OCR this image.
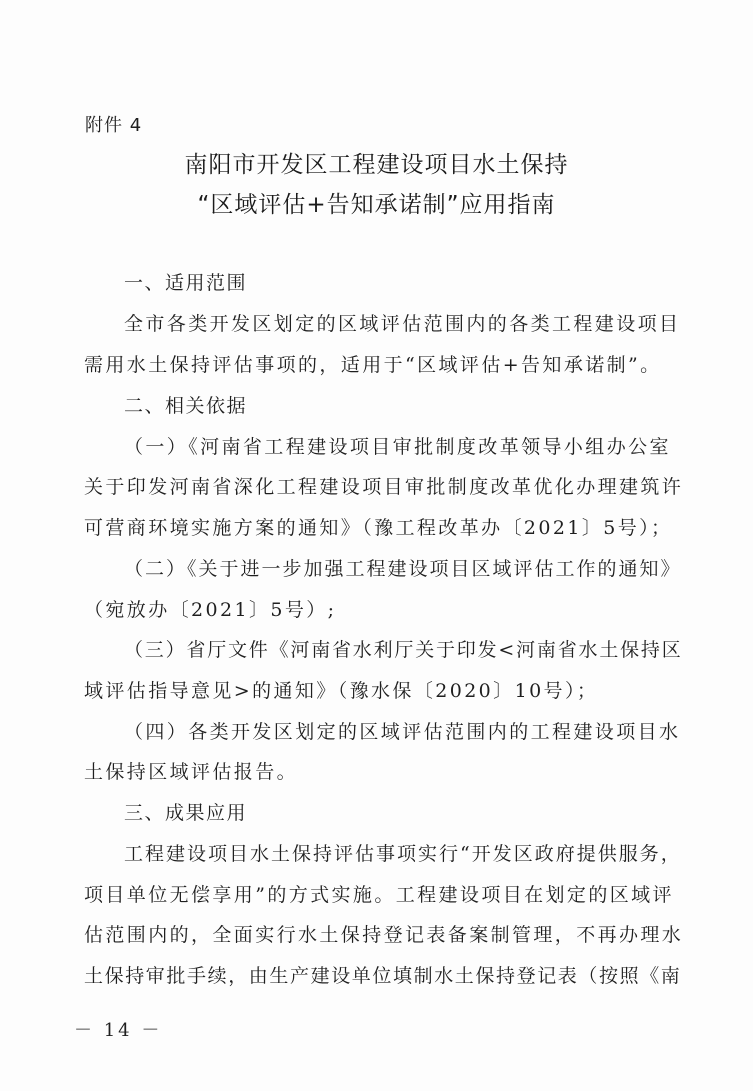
附件 4
南阳市开发区工程建设项目水土保持
“区域评估+告知承诺制”应用指南
一、适用范围
全市各类开发区划定的区域评估范围内的各类工程建设项目
需用水土保持评估事项的，适用于“区域评估+告知承诺制”。
二、相关依据
（一）《河南省工程建设项目审批制度改革领导小组办公室
关于印发河南省深化工程建设项目审批制度改革优化办理建筑许
可营商环境实施方案的通知》（豫工程改革办〔2021〕5号）；
（二）《关于进一步加强工程建设项目区域评估工作的通知》
（宛放办〔2021〕5号）;
（三）省厅文件《河南省水利厅关于印发<河南省水土保持区
域评估指导意见>的通知》（豫水保〔2020〕10号）；
（四）各类开发区划定的区域评估范围内的工程建设项目水
土保持区域评估报告。
三、成果应用
工程建设项目水土保持评估事项实行“开发区政府提供服务，
项目单位无偿享用”的方式实施。工程建设项目在划定的区域评
估范围内的，全面实行水土保持登记表备案制管理，不再办理水
土保持审批手续，由生产建设单位填制水土保持登记表（按照《南
－ 14 －
